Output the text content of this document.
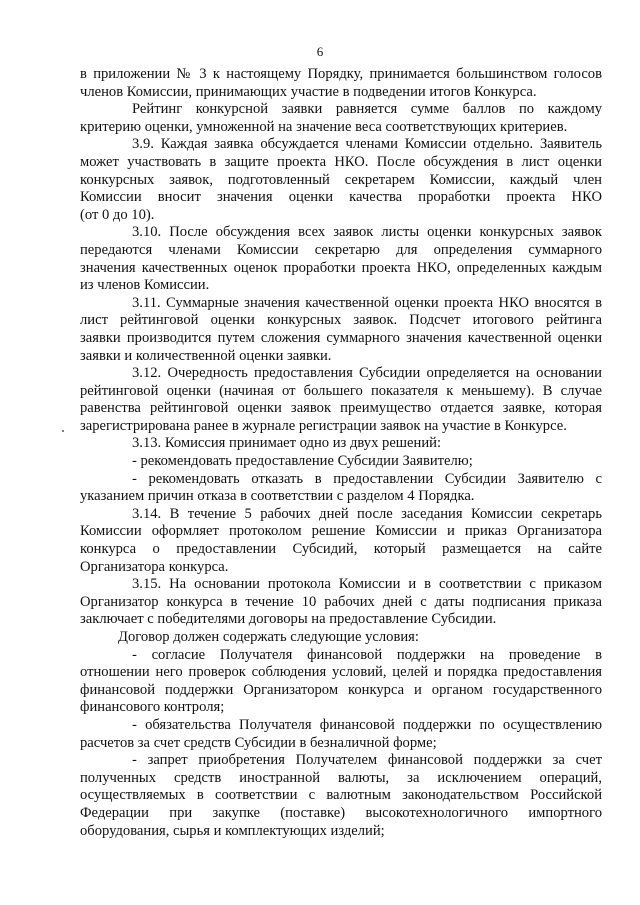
6
в приложении № 3 к настоящему Порядку, принимается большинством голосов
членов Комиссии, принимающих участие в подведении итогов Конкурса.
Рейтинг конкурсной заявки равняется сумме баллов по каждому
критерию оценки, умноженной на значение веса соответствующих критериев.
3.9. Каждая заявка обсуждается членами Комиссии отдельно. Заявитель
может участвовать в защите проекта НКО. После обсуждения в лист оценки
конкурсных заявок, подготовленный секретарем Комиссии, каждый член
Комиссии вносит значения оценки качества проработки проекта НКО
(от 0 до 10).
3.10. После обсуждения всех заявок листы оценки конкурсных заявок
передаются членами Комиссии секретарю для определения суммарного
значения качественных оценок проработки проекта НКО, определенных каждым
из членов Комиссии.
3.11. Суммарные значения качественной оценки проекта НКО вносятся в
лист рейтинговой оценки конкурсных заявок. Подсчет итогового рейтинга
заявки производится путем сложения суммарного значения качественной оценки
заявки и количественной оценки заявки.
3.12. Очередность предоставления Субсидии определяется на основании
рейтинговой оценки (начиная от большего показателя к меньшему). В случае
равенства рейтинговой оценки заявок преимущество отдается заявке, которая
зарегистрирована ранее в журнале регистрации заявок на участие в Конкурсе.
3.13. Комиссия принимает одно из двух решений:
- рекомендовать предоставление Субсидии Заявителю;
- рекомендовать отказать в предоставлении Субсидии Заявителю с
указанием причин отказа в соответствии с разделом 4 Порядка.
3.14. В течение 5 рабочих дней после заседания Комиссии секретарь
Комиссии оформляет протоколом решение Комиссии и приказ Организатора
конкурса о предоставлении Субсидий, который размещается на сайте
Организатора конкурса.
3.15. На основании протокола Комиссии и в соответствии с приказом
Организатор конкурса в течение 10 рабочих дней с даты подписания приказа
заключает с победителями договоры на предоставление Субсидии.
Договор должен содержать следующие условия:
- согласие Получателя финансовой поддержки на проведение в
отношении него проверок соблюдения условий, целей и порядка предоставления
финансовой поддержки Организатором конкурса и органом государственного
финансового контроля;
- обязательства Получателя финансовой поддержки по осуществлению
расчетов за счет средств Субсидии в безналичной форме;
- запрет приобретения Получателем финансовой поддержки за счет
полученных средств иностранной валюты, за исключением операций,
осуществляемых в соответствии с валютным законодательством Российской
Федерации при закупке (поставке) высокотехнологичного импортного
оборудования, сырья и комплектующих изделий;
